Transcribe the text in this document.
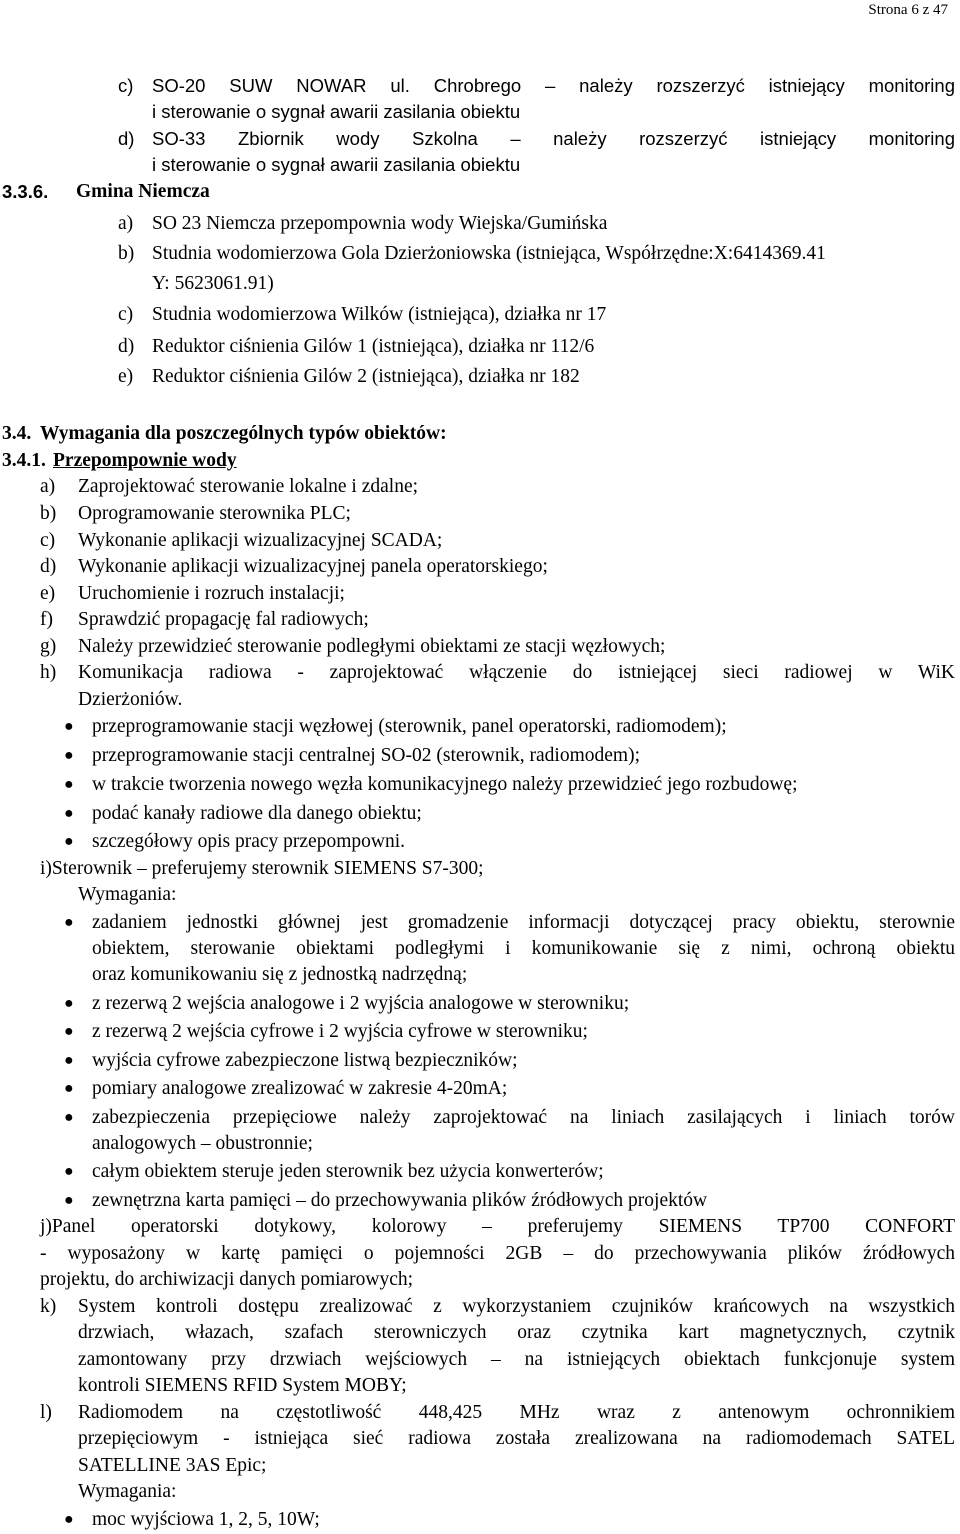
Strona 6 z 47
c) SO-20 SUW NOWAR ul. Chrobrego – należy rozszerzyć istniejący monitoring
i sterowanie o sygnał awarii zasilania obiektu
d) SO-33 Zbiornik wody Szkolna – należy rozszerzyć istniejący monitoring
i sterowanie o sygnał awarii zasilania obiektu
3.3.6. Gmina Niemcza
a) SO 23 Niemcza przepompownia wody Wiejska/Gumińska
b) Studnia wodomierzowa Gola Dzierżoniowska (istniejąca, Współrzędne:X:6414369.41
Y: 5623061.91)
c) Studnia wodomierzowa Wilków (istniejąca), działka nr 17
d) Reduktor ciśnienia Gilów 1 (istniejąca), działka nr 112/6
e) Reduktor ciśnienia Gilów 2 (istniejąca), działka nr 182
3.4. Wymagania dla poszczególnych typów obiektów:
3.4.1. Przepompownie wody
a) Zaprojektować sterowanie lokalne i zdalne;
b) Oprogramowanie sterownika PLC;
c) Wykonanie aplikacji wizualizacyjnej SCADA;
d) Wykonanie aplikacji wizualizacyjnej panela operatorskiego;
e) Uruchomienie i rozruch instalacji;
f) Sprawdzić propagację fal radiowych;
g) Należy przewidzieć sterowanie podległymi obiektami ze stacji węzłowych;
h) Komunikacja radiowa - zaprojektować włączenie do istniejącej sieci radiowej w WiK
Dzierżoniów.
● przeprogramowanie stacji węzłowej (sterownik, panel operatorski, radiomodem);
● przeprogramowanie stacji centralnej SO-02 (sterownik, radiomodem);
● w trakcie tworzenia nowego węzła komunikacyjnego należy przewidzieć jego rozbudowę;
● podać kanały radiowe dla danego obiektu;
● szczegółowy opis pracy przepompowni.
i)Sterownik – preferujemy sterownik SIEMENS S7-300;
Wymagania:
● zadaniem jednostki głównej jest gromadzenie informacji dotyczącej pracy obiektu, sterownie
obiektem, sterowanie obiektami podległymi i komunikowanie się z nimi, ochroną obiektu
oraz komunikowaniu się z jednostką nadrzędną;
● z rezerwą 2 wejścia analogowe i 2 wyjścia analogowe w sterowniku;
● z rezerwą 2 wejścia cyfrowe i 2 wyjścia cyfrowe w sterowniku;
● wyjścia cyfrowe zabezpieczone listwą bezpieczników;
● pomiary analogowe zrealizować w zakresie 4-20mA;
● zabezpieczenia przepięciowe należy zaprojektować na liniach zasilających i liniach torów
analogowych – obustronnie;
● całym obiektem steruje jeden sterownik bez użycia konwerterów;
● zewnętrzna karta pamięci – do przechowywania plików źródłowych projektów
j)Panel operatorski dotykowy, kolorowy – preferujemy SIEMENS TP700 CONFORT
- wyposażony w kartę pamięci o pojemności 2GB – do przechowywania plików źródłowych
projektu, do archiwizacji danych pomiarowych;
k) System kontroli dostępu zrealizować z wykorzystaniem czujników krańcowych na wszystkich
drzwiach, włazach, szafach sterowniczych oraz czytnika kart magnetycznych, czytnik
zamontowany przy drzwiach wejściowych – na istniejących obiektach funkcjonuje system
kontroli SIEMENS RFID System MOBY;
l) Radiomodem na częstotliwość 448,425 MHz wraz z antenowym ochronnikiem
przepięciowym - istniejąca sieć radiowa została zrealizowana na radiomodemach SATEL
SATELLINE 3AS Epic;
Wymagania:
● moc wyjściowa 1, 2, 5, 10W;
